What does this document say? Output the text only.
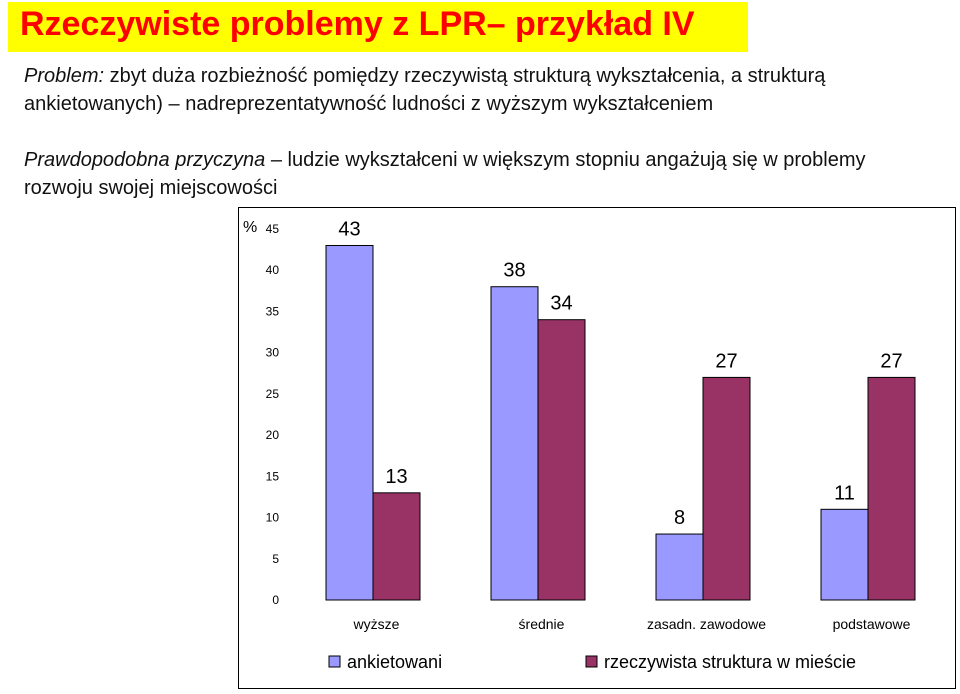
Rzeczywiste problemy z LPR– przykład IV
Problem: zbyt duża rozbieżność pomiędzy rzeczywistą strukturą wykształcenia, a strukturą ankietowanych) – nadreprezentatywność ludności z wyższym wykształceniem
Prawdopodobna przyczyna – ludzie wykształceni w większym stopniu angażują się w problemy rozwoju swojej miejscowości
%
0
5
10
15
20
25
30
35
40
45	43
13
wyższe
38
34
średnie
8
27
zasadn. zawodowe
11
27
podstawowe
ankietowani	rzeczywista struktura w mieście
